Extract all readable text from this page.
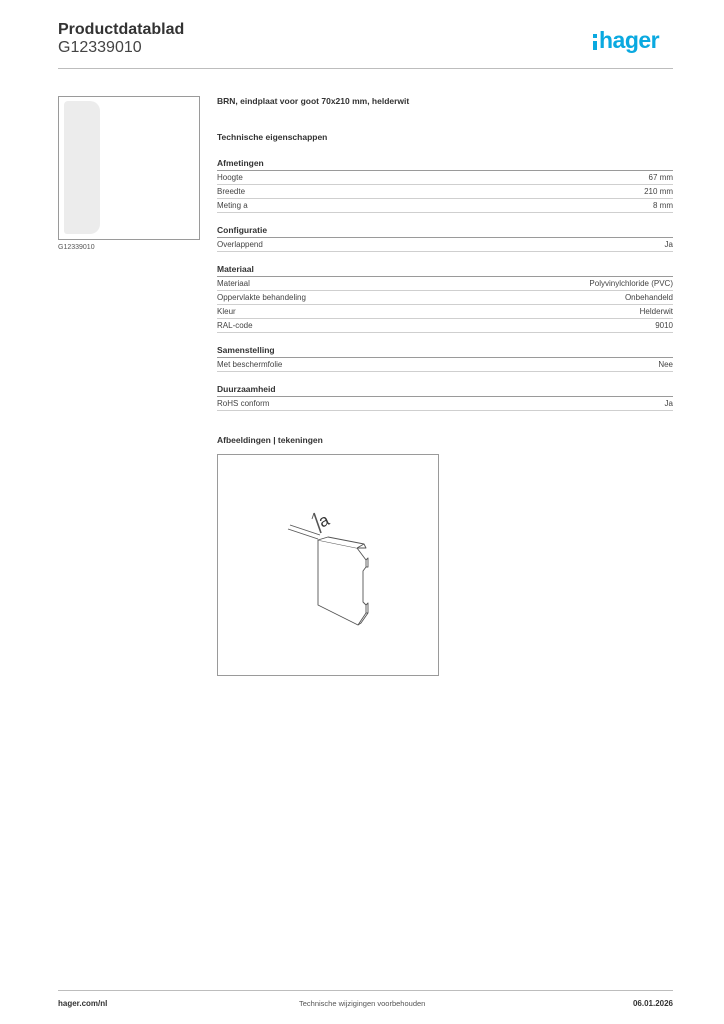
Productdatablad
G12339010	hager
G12339010
BRN, eindplaat voor goot 70x210 mm, helderwit
Technische eigenschappen
Afmetingen
Hoogte	67 mm
Breedte	210 mm
Meting a	8 mm
Configuratie
Overlappend	Ja
Materiaal
Materiaal	Polyvinylchloride (PVC)
Oppervlakte behandeling	Onbehandeld
Kleur	Helderwit
RAL-code	9010
Samenstelling
Met beschermfolie	Nee
Duurzaamheid
RoHS conform	Ja
Afbeeldingen | tekeningen
a
hager.com/nl	Technische wijzigingen voorbehouden	06.01.2026
